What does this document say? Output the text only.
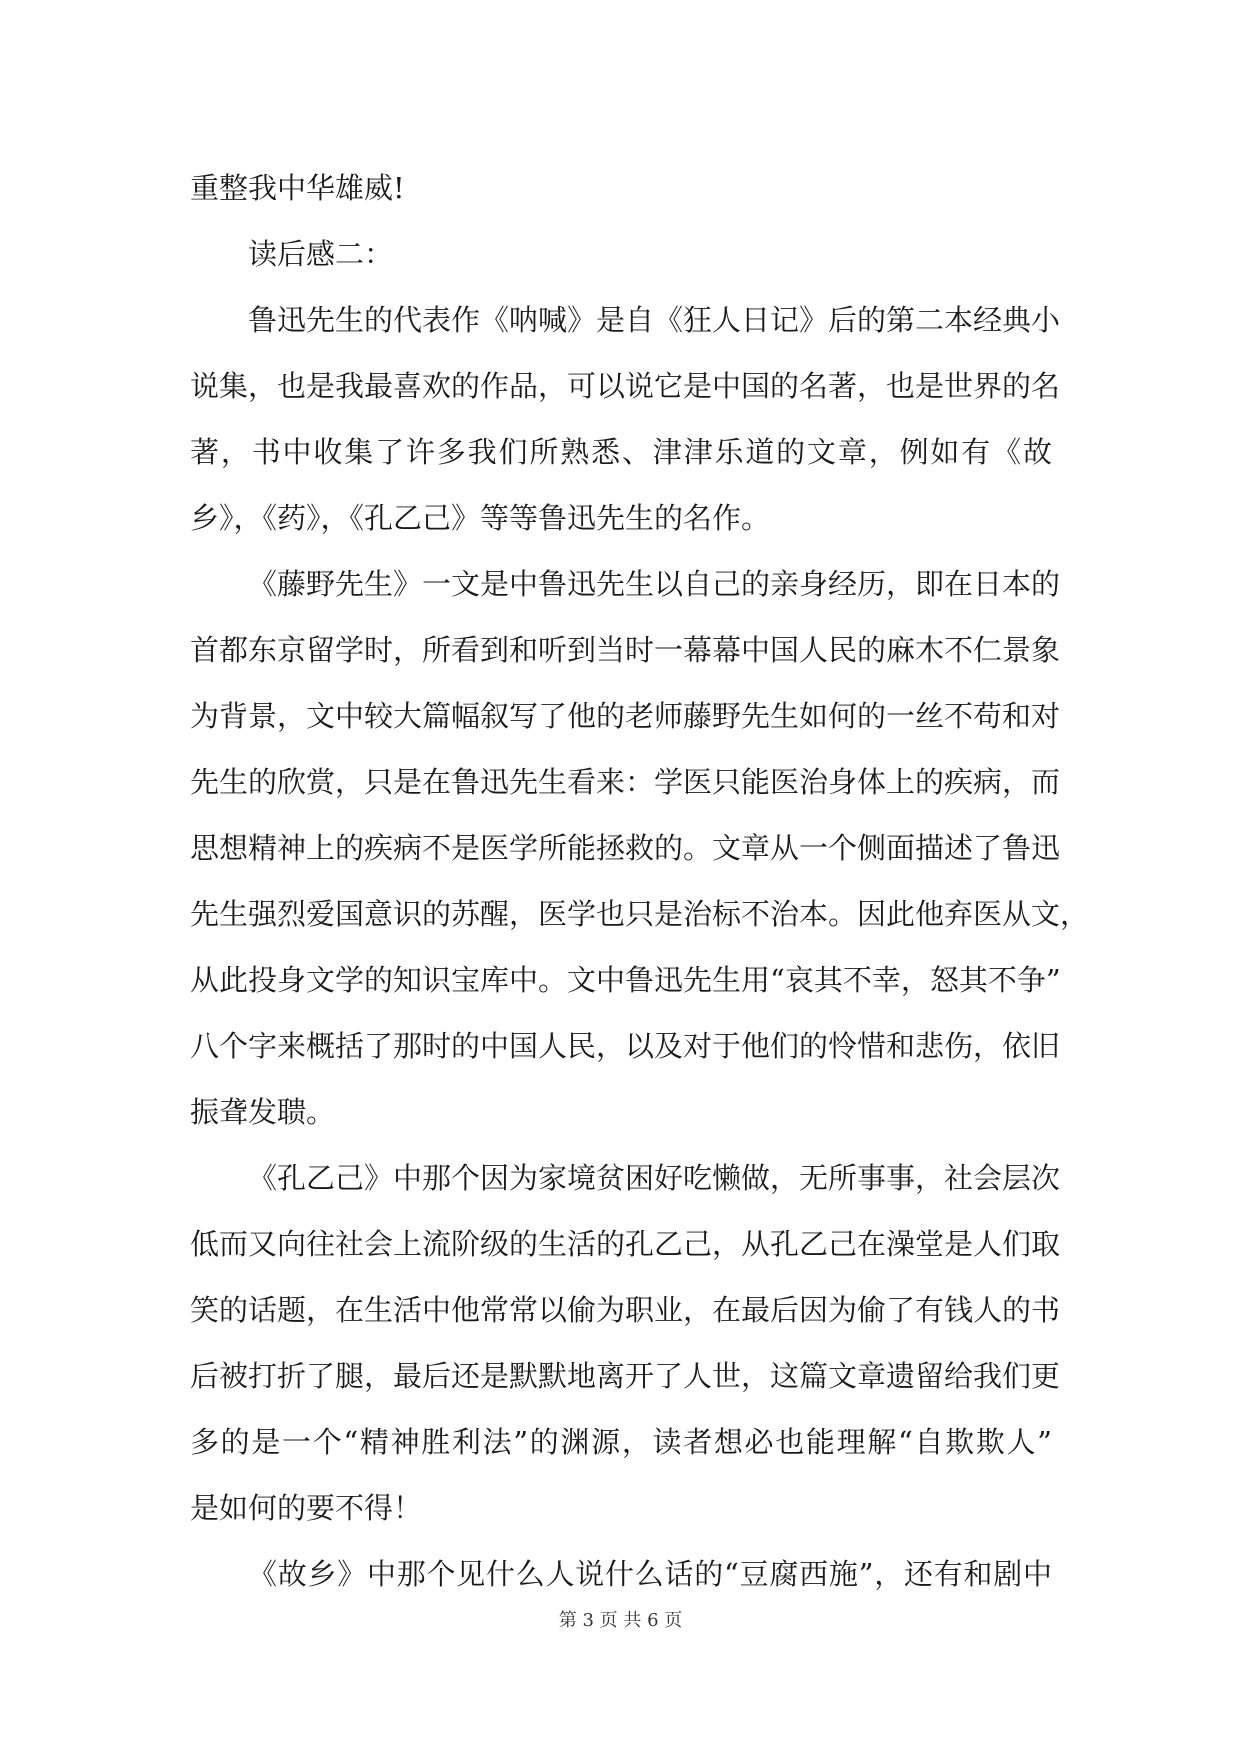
重整我中华雄威!
读后感二：
鲁迅先生的代表作《呐喊》是自《狂人日记》后的第二本经典小
说集，也是我最喜欢的作品，可以说它是中国的名著，也是世界的名
著，书中收集了许多我们所熟悉、津津乐道的文章，例如有《故
乡》，《药》，《孔乙己》等等鲁迅先生的名作。
《藤野先生》一文是中鲁迅先生以自己的亲身经历，即在日本的
首都东京留学时，所看到和听到当时一幕幕中国人民的麻木不仁景象
为背景，文中较大篇幅叙写了他的老师藤野先生如何的一丝不苟和对
先生的欣赏，只是在鲁迅先生看来：学医只能医治身体上的疾病，而
思想精神上的疾病不是医学所能拯救的。文章从一个侧面描述了鲁迅
先生强烈爱国意识的苏醒，医学也只是治标不治本。因此他弃医从文，
从此投身文学的知识宝库中。文中鲁迅先生用“哀其不幸，怒其不争”
八个字来概括了那时的中国人民，以及对于他们的怜惜和悲伤，依旧
振聋发聩。
《孔乙己》中那个因为家境贫困好吃懒做，无所事事，社会层次
低而又向往社会上流阶级的生活的孔乙己，从孔乙己在澡堂是人们取
笑的话题，在生活中他常常以偷为职业，在最后因为偷了有钱人的书
后被打折了腿，最后还是默默地离开了人世，这篇文章遗留给我们更
多的是一个“精神胜利法”的渊源，读者想必也能理解“自欺欺人”
是如何的要不得！
《故乡》中那个见什么人说什么话的“豆腐西施”，还有和剧中
第 3 页 共 6 页
